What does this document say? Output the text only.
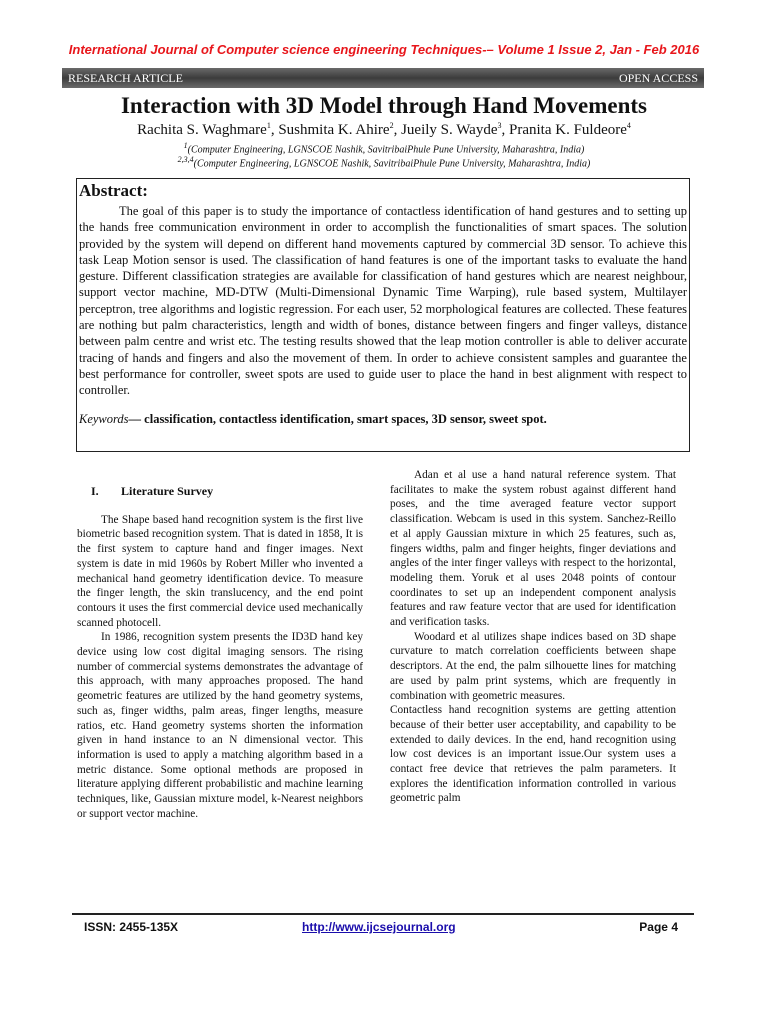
International Journal of Computer science engineering Techniques-– Volume 1 Issue 2, Jan - Feb 2016
RESEARCH ARTICLE	OPEN ACCESS
Interaction with 3D Model through Hand Movements
Rachita S. Waghmare$^1$, Sushmita K. Ahire$^2$, Jueily S. Wayde$^3$, Pranita K. Fuldeore$^4$
$^1$(Computer Engineering, LGNSCOE Nashik, SavitribaiPhule Pune University, Maharashtra, India)
$^{2,3,4}$(Computer Engineering, LGNSCOE Nashik, SavitribaiPhule Pune University, Maharashtra, India)
Abstract:

The goal of this paper is to study the importance of contactless identification of hand gestures and to setting up the hands free communication environment in order to accomplish the functionalities of smart spaces. The solution provided by the system will depend on different hand movements captured by commercial 3D sensor. To achieve this task Leap Motion sensor is used. The classification of hand features is one of the important tasks to evaluate the hand gesture. Different classification strategies are available for classification of hand gestures which are nearest neighbour, support vector machine, MD-DTW (Multi-Dimensional Dynamic Time Warping), rule based system, Multilayer perceptron, tree algorithms and logistic regression. For each user, 52 morphological features are collected. These features are nothing but palm characteristics, length and width of bones, distance between fingers and finger valleys, distance between palm centre and wrist etc. The testing results showed that the leap motion controller is able to deliver accurate tracing of hands and fingers and also the movement of them. In order to achieve consistent samples and guarantee the best performance for controller, sweet spots are used to guide user to place the hand in best alignment with respect to controller.

Keywords— classification, contactless identification, smart spaces, 3D sensor, sweet spot.

I. Literature Survey

The Shape based hand recognition system is the first live biometric based recognition system. That is dated in 1858, It is the first system to capture hand and finger images. Next system is date in mid 1960s by Robert Miller who invented a mechanical hand geometry identification device. To measure the finger length, the skin translucency, and the end point contours it uses the first commercial device used mechanically scanned photocell.

In 1986, recognition system presents the ID3D hand key device using low cost digital imaging sensors. The rising number of commercial systems demonstrates the advantage of this approach, with many approaches proposed. The hand geometric features are utilized by the hand geometry systems, such as, finger widths, palm areas, finger lengths, measure ratios, etc. Hand geometry systems shorten the information given in hand instance to an N dimensional vector. This information is used to apply a matching algorithm based in a metric distance. Some optional methods are proposed in literature applying different probabilistic and machine learning techniques, like, Gaussian mixture model, k-Nearest neighbors or support vector machine.

Adan et al use a hand natural reference system. That facilitates to make the system robust against different hand poses, and the time averaged feature vector support classification. Webcam is used in this system. Sanchez-Reillo et al apply Gaussian mixture in which 25 features, such as, fingers widths, palm and finger heights, finger deviations and angles of the inter finger valleys with respect to the horizontal, modeling them. Yoruk et al uses 2048 points of contour coordinates to set up an independent component analysis features and raw feature vector that are used for identification and verification tasks.

Woodard et al utilizes shape indices based on 3D shape curvature to match correlation coefficients between shape descriptors. At the end, the palm silhouette lines for matching are used by palm print systems, which are frequently in combination with geometric measures.

Contactless hand recognition systems are getting attention because of their better user acceptability, and capability to be extended to daily devices. In the end, hand recognition using low cost devices is an important issue.Our system uses a contact free device that retrieves the palm parameters. It explores the identification information controlled in various geometric palm

ISSN: 2455-135X	http://www.ijcsejournal.org	Page 4
